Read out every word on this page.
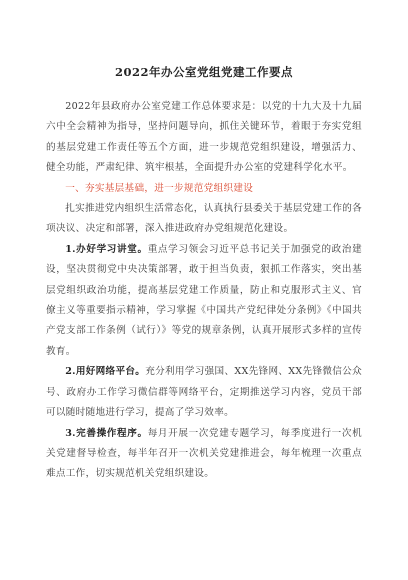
2022年办公室党组党建工作要点

2022年县政府办公室党建工作总体要求是：以党的十九大及十九届六中全会精神为指导，坚持问题导向，抓住关键环节，着眼于夯实党组的基层党建工作责任等五个方面，进一步规范党组织建设，增强活力、健全功能，严肃纪律、筑牢根基，全面提升办公室的党建科学化水平。

一、夯实基层基础，进一步规范党组织建设

扎实推进党内组织生活常态化，认真执行县委关于基层党建工作的各项决议、决定和部署，深入推进政府办党组规范化建设。

1.办好学习讲堂。重点学习领会习近平总书记关于加强党的政治建设，坚决贯彻党中央决策部署，敢于担当负责，狠抓工作落实，突出基层党组织政治功能，提高基层党建工作质量，防止和克服形式主义、官僚主义等重要指示精神，学习掌握《中国共产党纪律处分条例》《中国共产党支部工作条例（试行）》等党的规章条例，认真开展形式多样的宣传教育。

2.用好网络平台。充分利用学习强国、XX先锋网、XX先锋微信公众号、政府办工作学习微信群等网络平台，定期推送学习内容，党员干部可以随时随地进行学习，提高了学习效率。

3.完善操作程序。每月开展一次党建专题学习，每季度进行一次机关党建督导检查，每半年召开一次机关党建推进会，每年梳理一次重点难点工作，切实规范机关党组织建设。
